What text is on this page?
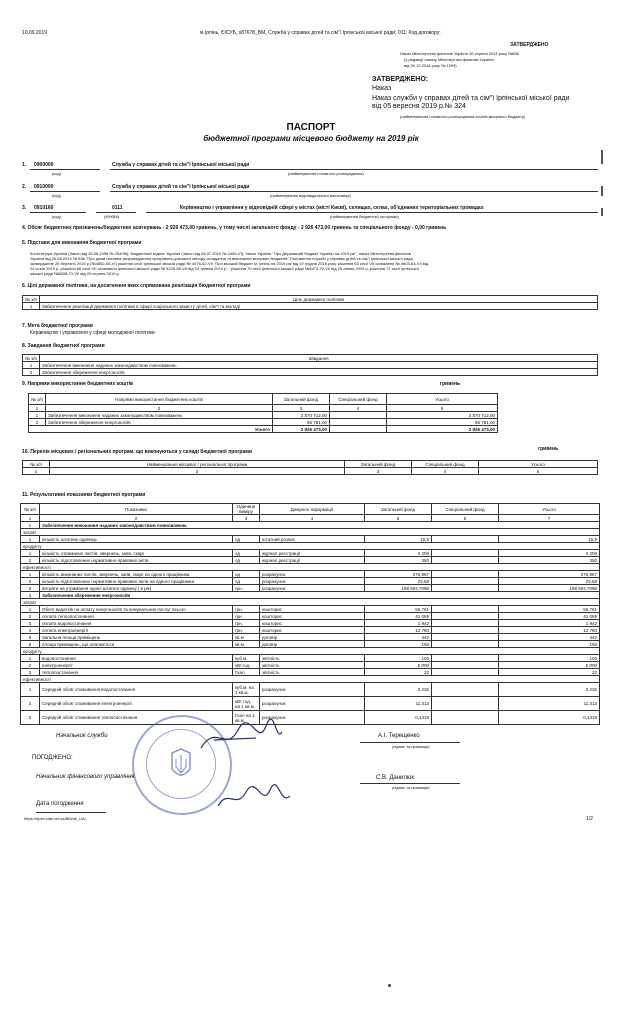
10.09.2019	м.Ірпінь, ЄІСУБ, s87678_BM, Служба у справах дітей та сім"ї Ірпінської міської ради; 011; Код договору;
ЗАТВЕРДЖЕНО
Наказ Міністерства фінансів України 26 серпня 2014 року №836
(у редакції наказу Міністерства фінансів України
від 29.12.2018 року № 1209)
ЗАТВЕРДЖЕНО:
Наказ
Наказ служби у справах дітей та сім"ї Ірпінської міської ради від 05 вересня 2019 р.№ 324
(найменування головного розпорядника коштів місцевого бюджету)
ПАСПОРТ
бюджетної програми місцевого бюджету на 2019 рік
1. 0900000	Служба у справах дітей та сім"ї Ірпінської міської ради
(код)	(найменування головного розпорядника)
2. 0910000	Служба у справах дітей та сім"ї Ірпінської міської ради
(код)	(найменування відповідального виконавця)
3. 0910160	0111	Керівництво і управління у відповідній сфері у містах (місті Києві), селищах, селах, об'єднаних територіальних громадах
(код)	(КФКВК)	(найменування бюджетної програми)
4. Обсяг бюджетних призначень/бюджетних асигнувань - 2 926 473,00 гривень, у тому числі загального фонду - 2 926 473,00 гривень та спеціального фонду - 0,00 гривень
5. Підстави для виконання бюджетної програми
Конституція України (Закон від 28.06.1996 № 254/96); Бюджетний кодекс України (Закон від 08.07.2010 № 2456-VI); Закон України "Про Державний бюджет України на 2019 рік"; наказ Міністерства фінансів
України від 26.08.2014 № 836 "Про деякі питання запровадження програмно-цільового методу складання та виконання місцевих бюджетів",Положення служби у справах дітей та сім"ї Ірпінської міської ради,
затверджене 26 березня 2015 р.(№4852-65-VI) рішення сесії Ірпінської міської ради № 4076-62-VII "Про міський бюджет м. Ірпінь на 2019 рік"від 19 грудня 2018 року, рішення 63 сесії VII скликання № 4603-63-VII від
24 січня 2019 р.,рішення 66 сесії VII скликання Ірпінської міської ради № 5229-66-VII від 23 травня 2019 р. ; рішення 70 сесії Ірпінської міської ради №5474-70-VII від 25 липня 2019 р.,рішення 71 сесії Ірпінської
міської ради №5608-71-VII від 29 серпня 2019 р.
6. Цілі державної політики, на досягнення яких спрямована реалізація бюджетної програми
№ з/п	Ціль державної політики
1	Забезпечення реалізації державної політики в сфері соціального захисту дітей, сім"ї та молоді
7. Мета бюджетної програми
Керівництво і управління у сфері молодіжної політики
8. Завдання бюджетної програми
№ з/п	Завдання
1	Забезпечення виконання наданих законодавством повноважень
2	Забезпечення збереження енергоносіїв
9. Напрями використання бюджетних коштів	гривень
№ з/п	Напрями використання бюджетних коштів	Загальний фонд	Спеціальний фонд	Усього
1	2	3	4	5
1	Забезпечення виконання наданих законодавством повноважень	2 870 712,00		2 870 712,00
2	Забезпечення збереження енергоносіїв	55 761,00		55 761,00
Усього		2 926 473,00		2 926 473,00
10. Перелік місцевих / регіональних програм, що виконуються у складі бюджетної програми	гривень
№ з/п	Найменування місцевої / регіональної програми	Загальний фонд	Спеціальний фонд	Усього
1	2	3	4	5
11. Результативні показники бюджетної програми
№ з/п	Показники	Одиниця виміру	Джерело інформації	Загальний фонд	Спеціальний фонд	Усього
1	2	3	4	5	6	7
1	Забезпечення виконання наданих законодавством повноважень					
затрат						
1	кількість штатних одиниць	од	штатний розпис	15,5		15,5
продукту						
1	кількість отриманих листів, звернень, заяв, скарг	од	журнал реєстрації	4 200		4 200
2	кількість підготовлених нормативно-правових актів	од	журнал реєстрації	350		350
ефективності						
1	кількість виконаних листів, звернень, заяв, скарг на одного працівника	од	розрахунок	270,967		270,967
2	кількість підготовлених нормативно-правових актів на одного працівника	од	розрахунок	22,58		22,58
3	витрати на утримання однієї штатної одиниці ( в рік)	грн.	розрахунок	188 804,7096		188 804,7096
2	Забезпечення збереження енергоносіїв					
затрат						
1	Обсяг видатків на оплату енергоносіїв та комунальних послуг всього	грн.	кошторис	55 761		55 761
2	оплата теплопостачання	грн.	кошторис	41 069		41 069
3	оплата водопостачання	грн.	кошторис	1 942		1 942
4	оплата електроенергії	грн.	кошторис	12 750		12 750
5	Загальна площа приміщень	кв.м	договір	442		442
6	площа приміщень, що опалюється	кв.м.	договір	155		155
продукту						
1	водопостачання	куб.м.	звітність	100		100
2	електроенергії	кВт.год.	звітність	5 000		5 000
3	теплопостачання	Гкал	звітність	22		22
ефективності						
1	Середній обсяг споживання водопостачання	куб.м. на 1 кв.м.	розрахунок	0,226		0,226
2	Середній обсяг споживання електроенергії	кВт год. на 1 кв.м.	розрахунок	11,312		11,312
3	Середній обсяг споживання теплопостачання	Гкал на 1 кв.м.	розрахунок	0,1419		0,1419
Начальник служби	А.І. Терещенко
(підпис та прізвище)
ПОГОДЖЕНО:
Начальник фінансового управління	С.В. Данилюк
(підпис та прізвище)
Дата погодження
https://irpen.ciat.net.ua/BM/uk_UA/	1/2
